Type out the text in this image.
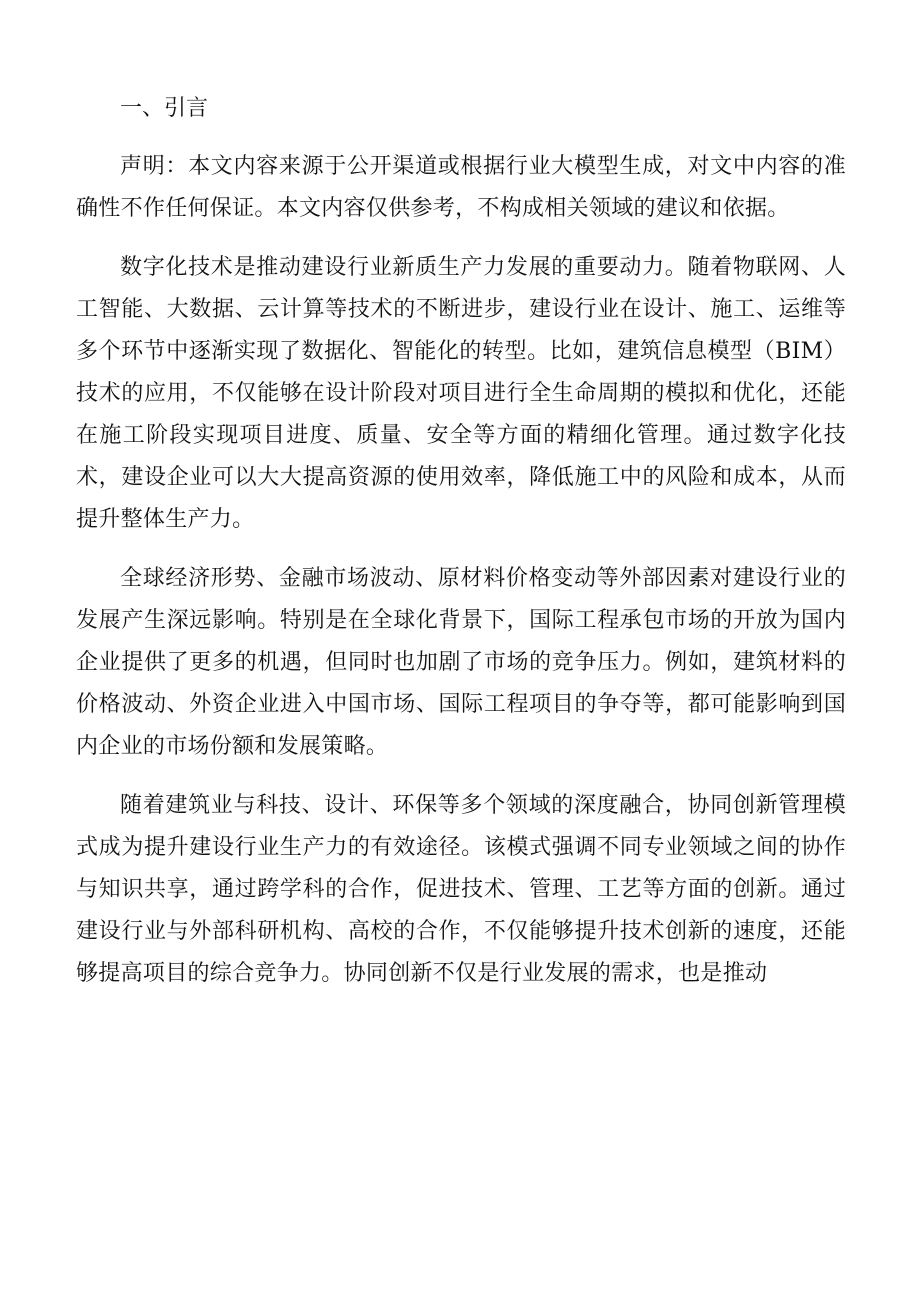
一、引言

声明：本文内容来源于公开渠道或根据行业大模型生成，对文中内容的准确性不作任何保证。本文内容仅供参考，不构成相关领域的建议和依据。

数字化技术是推动建设行业新质生产力发展的重要动力。随着物联网、人工智能、大数据、云计算等技术的不断进步，建设行业在设计、施工、运维等多个环节中逐渐实现了数据化、智能化的转型。比如，建筑信息模型（BIM）技术的应用，不仅能够在设计阶段对项目进行全生命周期的模拟和优化，还能在施工阶段实现项目进度、质量、安全等方面的精细化管理。通过数字化技术，建设企业可以大大提高资源的使用效率，降低施工中的风险和成本，从而提升整体生产力。

全球经济形势、金融市场波动、原材料价格变动等外部因素对建设行业的发展产生深远影响。特别是在全球化背景下，国际工程承包市场的开放为国内企业提供了更多的机遇，但同时也加剧了市场的竞争压力。例如，建筑材料的价格波动、外资企业进入中国市场、国际工程项目的争夺等，都可能影响到国内企业的市场份额和发展策略。

随着建筑业与科技、设计、环保等多个领域的深度融合，协同创新管理模式成为提升建设行业生产力的有效途径。该模式强调不同专业领域之间的协作与知识共享，通过跨学科的合作，促进技术、管理、工艺等方面的创新。通过建设行业与外部科研机构、高校的合作，不仅能够提升技术创新的速度，还能够提高项目的综合竞争力。协同创新不仅是行业发展的需求，也是推动
